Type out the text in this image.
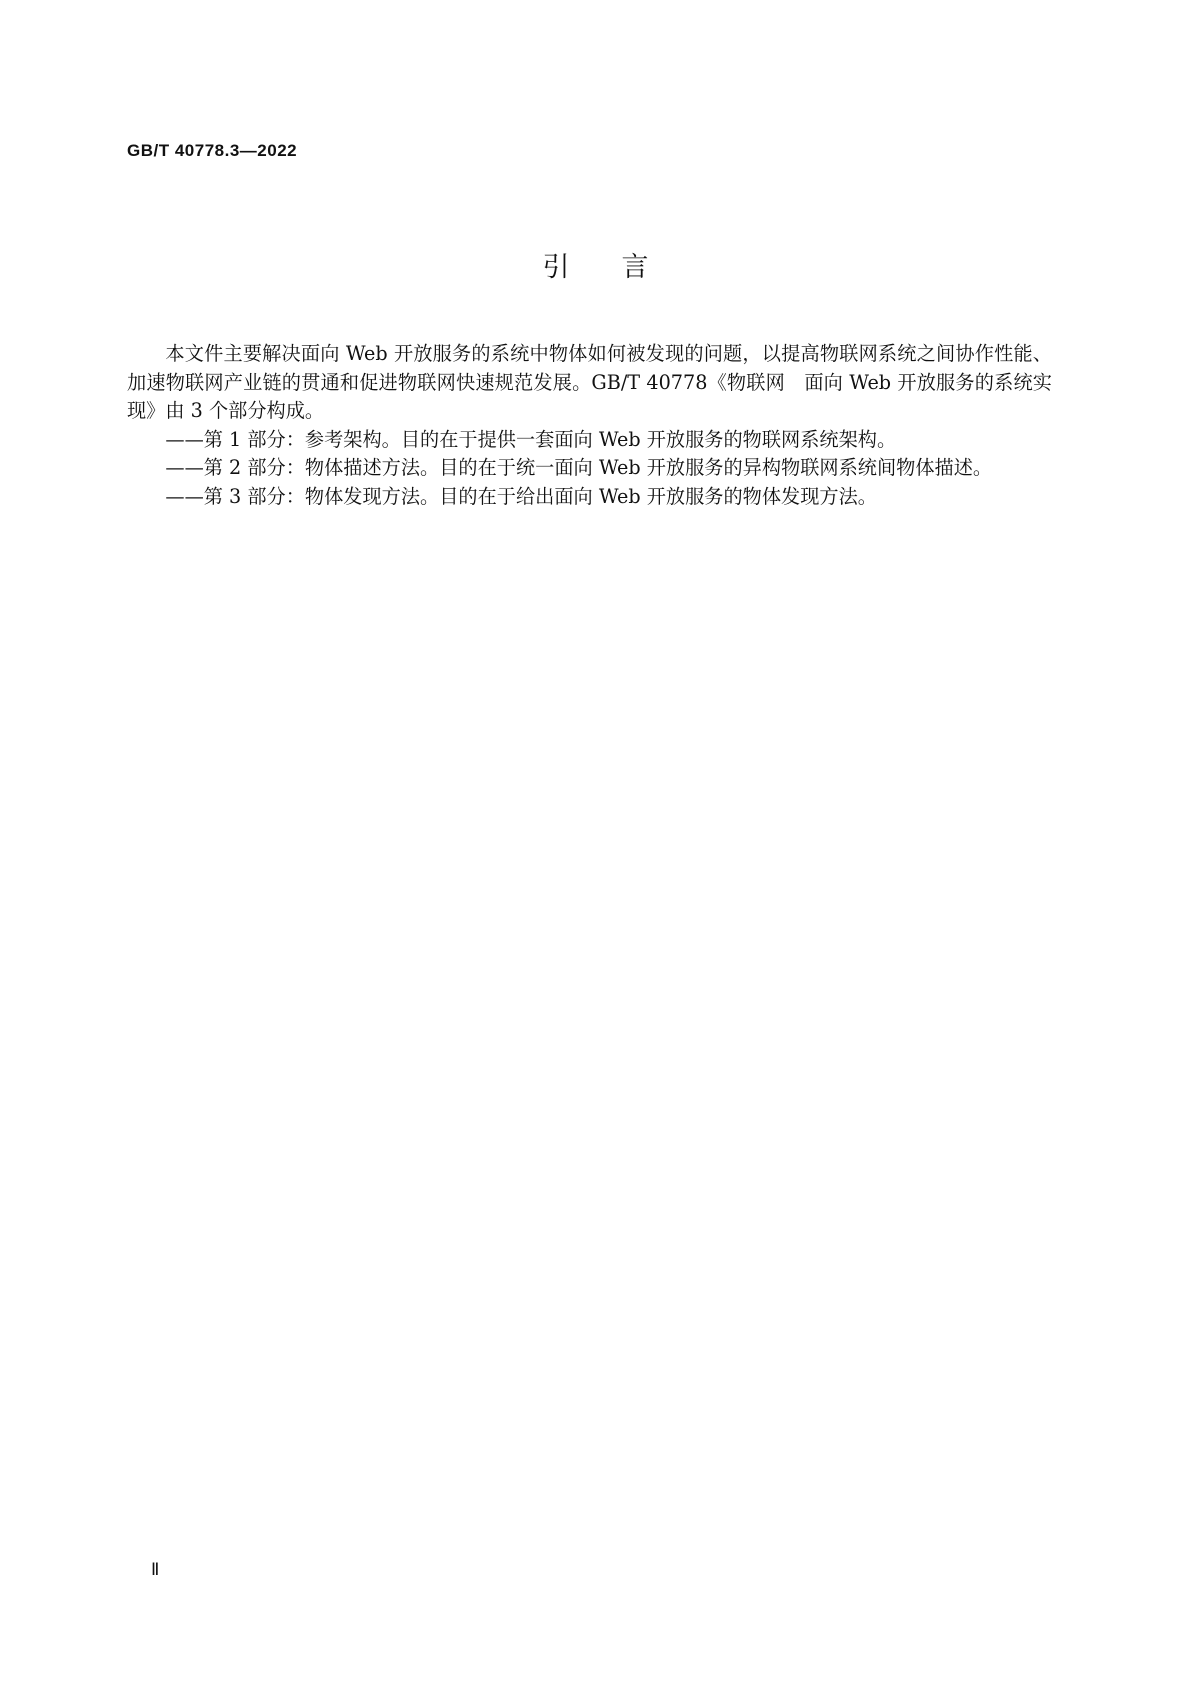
GB/T 40778.3—2022
引言

本文件主要解决面向 Web 开放服务的系统中物体如何被发现的问题，以提高物联网系统之间协作性能、加速物联网产业链的贯通和促进物联网快速规范发展。GB/T 40778《物联网　面向 Web 开放服务的系统实现》由 3 个部分构成。

——第 1 部分：参考架构。目的在于提供一套面向 Web 开放服务的物联网系统架构。

——第 2 部分：物体描述方法。目的在于统一面向 Web 开放服务的异构物联网系统间物体描述。

——第 3 部分：物体发现方法。目的在于给出面向 Web 开放服务的物体发现方法。

Ⅱ
